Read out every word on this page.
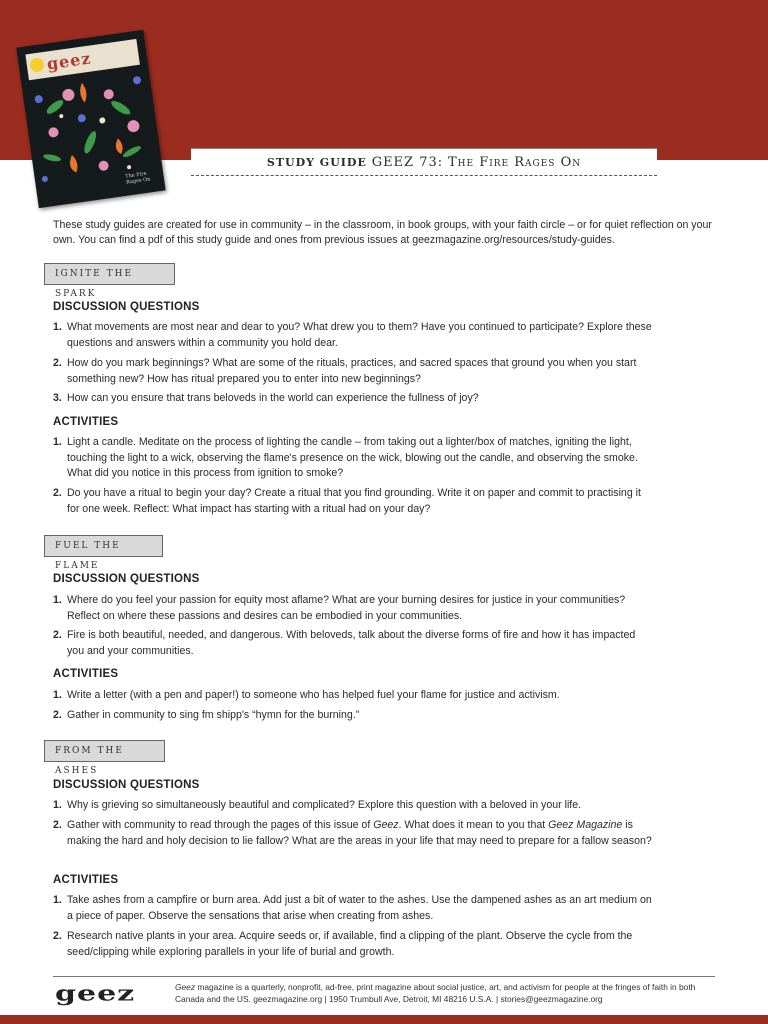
geez
The Fire Rages On
STUDY GUIDE GEEZ 73: The Fire Rages On

These study guides are created for use in community – in the classroom, in book groups, with your faith circle – or for quiet reflection on your own. You can find a pdf of this study guide and ones from previous issues at geezmagazine.org/resources/study-guides.

IGNITE THE SPARK
DISCUSSION QUESTIONS

1. What movements are most near and dear to you? What drew you to them? Have you continued to participate? Explore these questions and answers within a community you hold dear.

2. How do you mark beginnings? What are some of the rituals, practices, and sacred spaces that ground you when you start something new? How has ritual prepared you to enter into new beginnings?

3. How can you ensure that trans beloveds in the world can experience the fullness of joy?

ACTIVITIES

1. Light a candle. Meditate on the process of lighting the candle – from taking out a lighter/box of matches, igniting the light, touching the light to a wick, observing the flame's presence on the wick, blowing out the candle, and observing the smoke. What did you notice in this process from ignition to smoke?

2. Do you have a ritual to begin your day? Create a ritual that you find grounding. Write it on paper and commit to practising it for one week. Reflect: What impact has starting with a ritual had on your day?

FUEL THE FLAME
DISCUSSION QUESTIONS

1. Where do you feel your passion for equity most aflame? What are your burning desires for justice in your communities? Reflect on where these passions and desires can be embodied in your communities.

2. Fire is both beautiful, needed, and dangerous. With beloveds, talk about the diverse forms of fire and how it has impacted you and your communities.

ACTIVITIES

1. Write a letter (with a pen and paper!) to someone who has helped fuel your flame for justice and activism.

2. Gather in community to sing fm shipp's “hymn for the burning.”

FROM THE ASHES
DISCUSSION QUESTIONS

1. Why is grieving so simultaneously beautiful and complicated? Explore this question with a beloved in your life.

2. Gather with community to read through the pages of this issue of Geez. What does it mean to you that Geez Magazine is making the hard and holy decision to lie fallow? What are the areas in your life that may need to prepare for a fallow season?

ACTIVITIES

1. Take ashes from a campfire or burn area. Add just a bit of water to the ashes. Use the dampened ashes as an art medium on a piece of paper. Observe the sensations that arise when creating from ashes.

2. Research native plants in your area. Acquire seeds or, if available, find a clipping of the plant. Observe the cycle from the seed/clipping while exploring parallels in your life of burial and growth.

geez	Geez magazine is a quarterly, nonprofit, ad-free, print magazine about social justice, art, and activism for people at the fringes of faith in both Canada and the US. geezmagazine.org | 1950 Trumbull Ave, Detroit, MI 48216 U.S.A. | stories@geezmagazine.org
